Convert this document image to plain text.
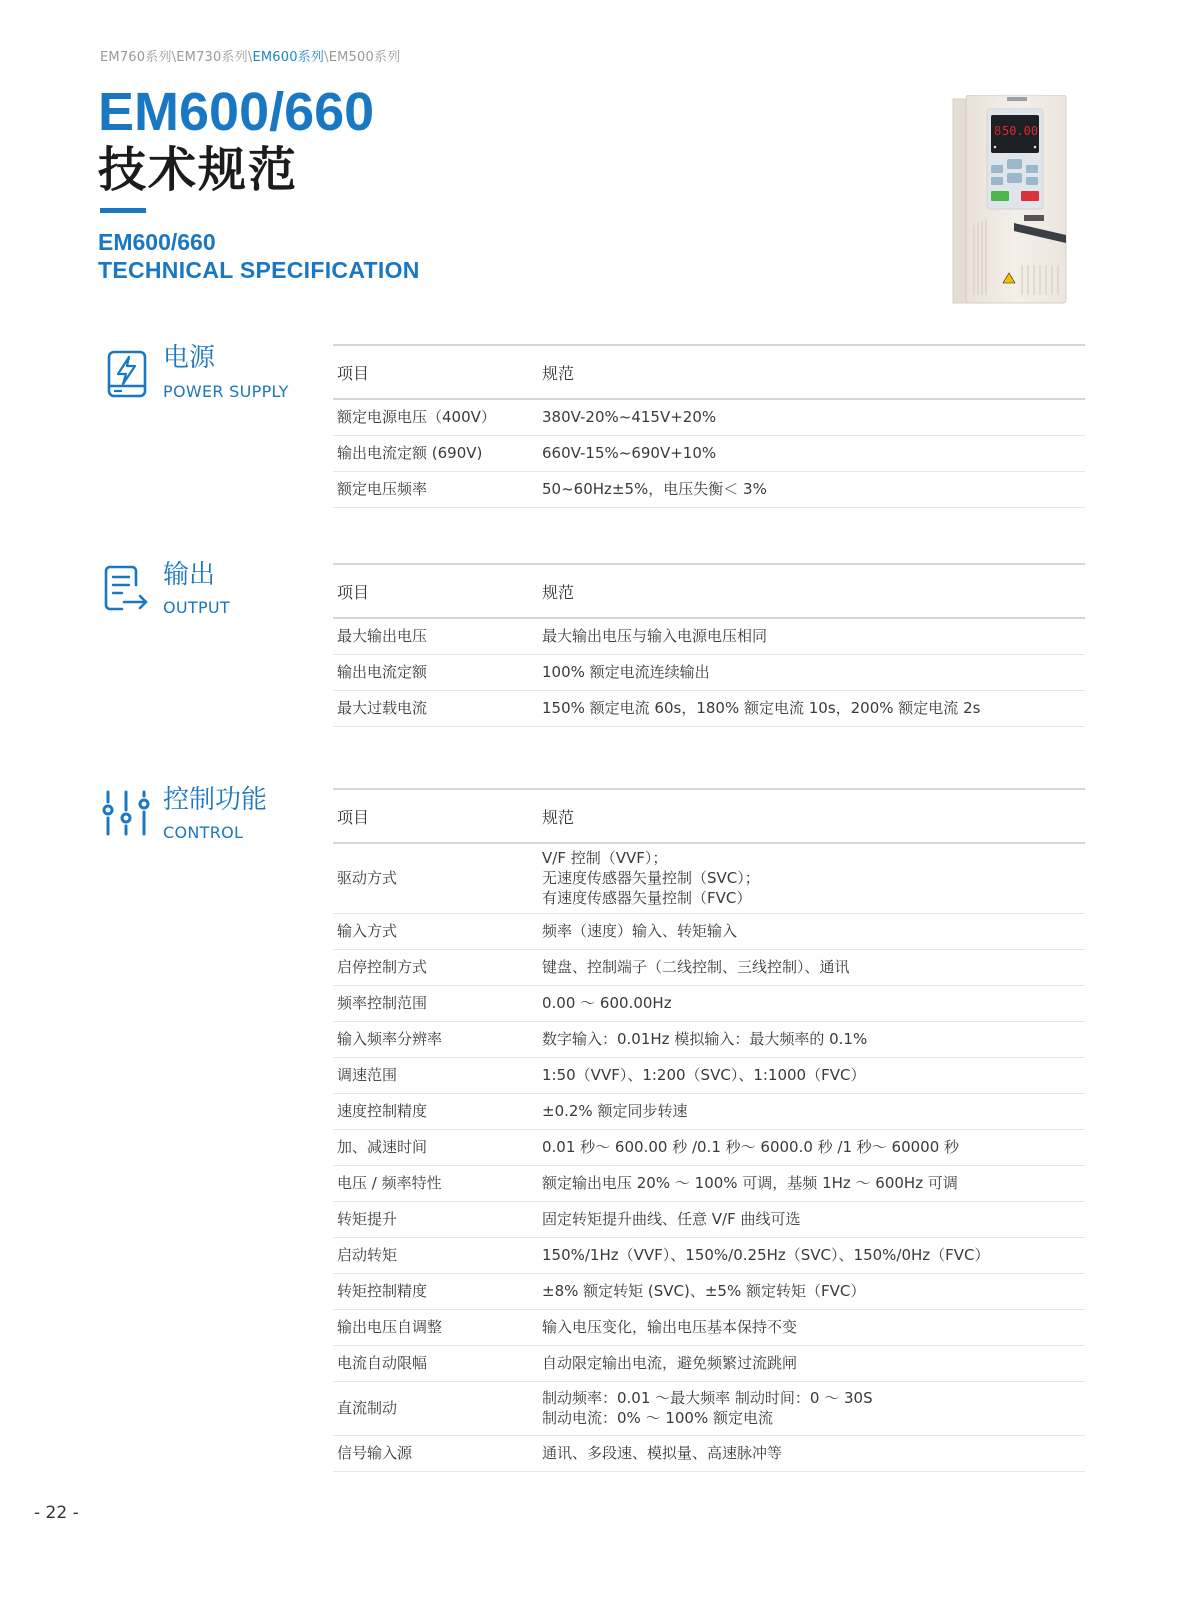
EM760系列\EM730系列\EM600系列\EM500系列
EM600/660
技术规范
EM600/660
TECHNICAL SPECIFICATION
8 50.00
电源
POWER SUPPLY
项目	规范
额定电源电压（400V）	380V-20%~415V+20%
输出电流定额 (690V)	660V-15%~690V+10%
额定电压频率	50~60Hz±5%，电压失衡＜ 3%
输出
OUTPUT
项目	规范
最大输出电压	最大输出电压与输入电源电压相同
输出电流定额	100% 额定电流连续输出
最大过载电流	150% 额定电流 60s，180% 额定电流 10s，200% 额定电流 2s
控制功能
CONTROL
项目	规范
驱动方式	V/F 控制（VVF）；
无速度传感器矢量控制（SVC）；
有速度传感器矢量控制（FVC）

输入方式	频率（速度）输入、转矩输入
启停控制方式	键盘、控制端子（二线控制、三线控制）、通讯
频率控制范围	0.00 ～ 600.00Hz
输入频率分辨率	数字输入：0.01Hz 模拟输入：最大频率的 0.1%
调速范围	1:50（VVF）、1:200（SVC）、1:1000（FVC）
速度控制精度	±0.2% 额定同步转速
加、减速时间	0.01 秒～ 600.00 秒 /0.1 秒～ 6000.0 秒 /1 秒～ 60000 秒
电压 / 频率特性	额定输出电压 20% ～ 100% 可调，基频 1Hz ～ 600Hz 可调
转矩提升	固定转矩提升曲线、任意 V/F 曲线可选
启动转矩	150%/1Hz（VVF）、150%/0.25Hz（SVC）、150%/0Hz（FVC）
转矩控制精度	±8% 额定转矩 (SVC)、±5% 额定转矩（FVC）
输出电压自调整	输入电压变化，输出电压基本保持不变
电流自动限幅	自动限定输出电流，避免频繁过流跳闸
直流制动	制动频率：0.01 ～最大频率 制动时间：0 ～ 30S
制动电流：0% ～ 100% 额定电流

信号输入源	通讯、多段速、模拟量、高速脉冲等
- 22 -
